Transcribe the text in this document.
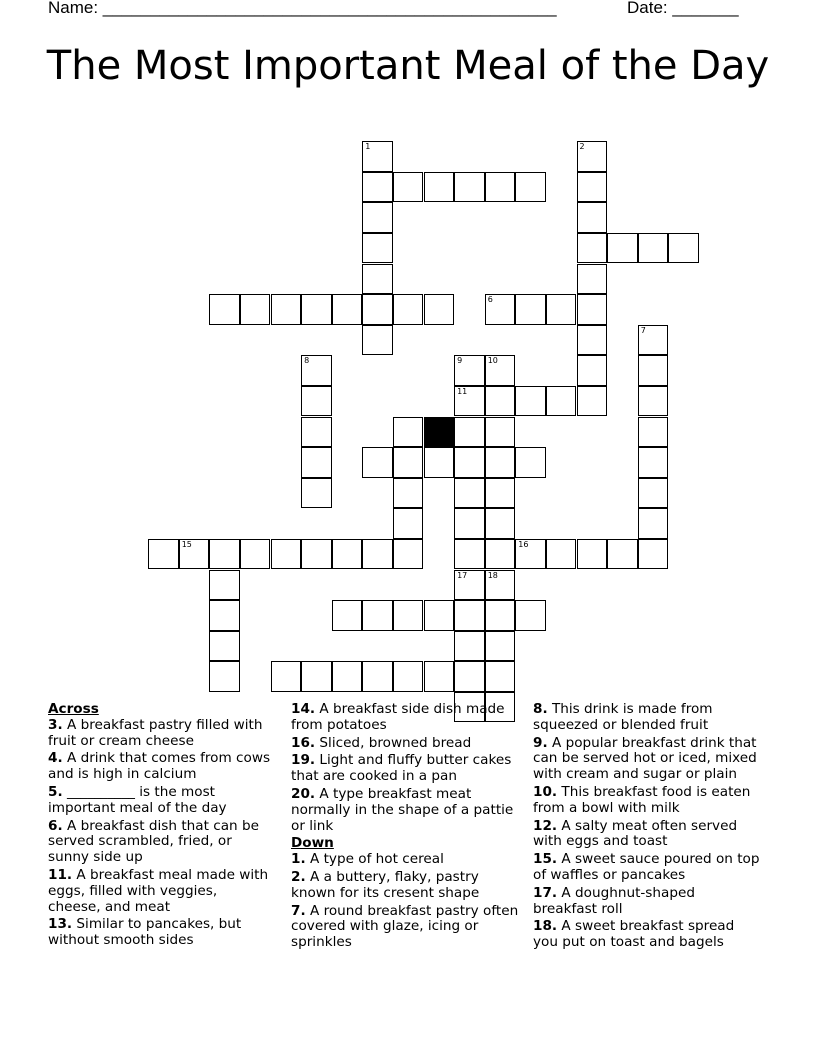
Name: ________________________________________________	Date: _______
The Most Important Meal of the Day
1	2
6
7
8	9
11
10
15	16
17	18
Across
3. A breakfast pastry filled with fruit or cream cheese
4. A drink that comes from cows and is high in calcium
5. __________ is the most important meal of the day
6. A breakfast dish that can be served scrambled, fried, or sunny side up
11. A breakfast meal made with eggs, filled with veggies, cheese, and meat
13. Similar to pancakes, but without smooth sides
14. A breakfast side dish made from potatoes
16. Sliced, browned bread
19. Light and fluffy butter cakes that are cooked in a pan
20. A type breakfast meat normally in the shape of a pattie or link
Down
1. A type of hot cereal
2. A a buttery, flaky, pastry known for its cresent shape
7. A round breakfast pastry often covered with glaze, icing or sprinkles
8. This drink is made from squeezed or blended fruit
9. A popular breakfast drink that can be served hot or iced, mixed with cream and sugar or plain
10. This breakfast food is eaten from a bowl with milk
12. A salty meat often served with eggs and toast
15. A sweet sauce poured on top of waffles or pancakes
17. A doughnut-shaped breakfast roll
18. A sweet breakfast spread you put on toast and bagels
